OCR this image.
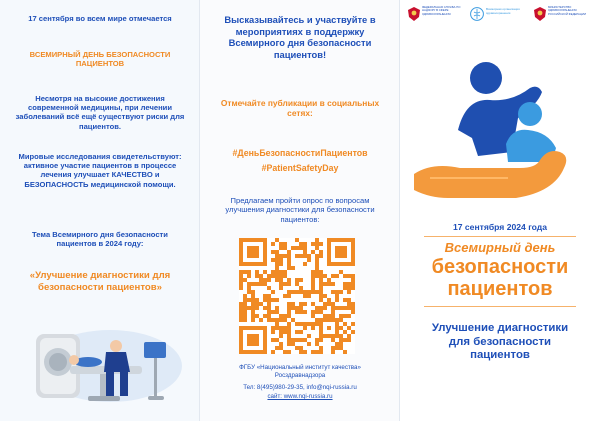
17 сентября во всем мире отмечается

ВСЕМИРНЫЙ ДЕНЬ БЕЗОПАСНОСТИ ПАЦИЕНТОВ

Несмотря на высокие достижения современной медицины, при лечении заболеваний всё ещё существуют риски для пациентов.

Мировые исследования свидетельствуют: активное участие пациентов в процессе лечения улучшает КАЧЕСТВО и БЕЗОПАСНОСТЬ медицинской помощи.

Тема Всемирного дня безопасности пациентов в 2024 году:

«Улучшение диагностики для безопасности пациентов»

Высказывайтесь и участвуйте в мероприятиях в поддержку Всемирного дня безопасности пациентов!

Отмечайте публикации в социальных сетях:

#ДеньБезопасностиПациентов

#PatientSafetyDay

Предлагаем пройти опрос по вопросам улучшения диагностики для безопасности пациентов:

ФГБУ «Национальный институт качества» Росздравнадзора

Тел: 8(495)980-29-35, info@nqi-russia.ru

сайт: www.nqi-russia.ru

ФЕДЕРАЛЬНАЯ СЛУЖБА ПО НАДЗОРУ В СФЕРЕ ЗДРАВООХРАНЕНИЯ
Всемирная организация здравоохранения
МИНИСТЕРСТВО ЗДРАВООХРАНЕНИЯ РОССИЙСКОЙ ФЕДЕРАЦИИ

17 сентября 2024 года

Всемирный день

безопасности

пациентов

Улучшение диагностики для безопасности пациентов
